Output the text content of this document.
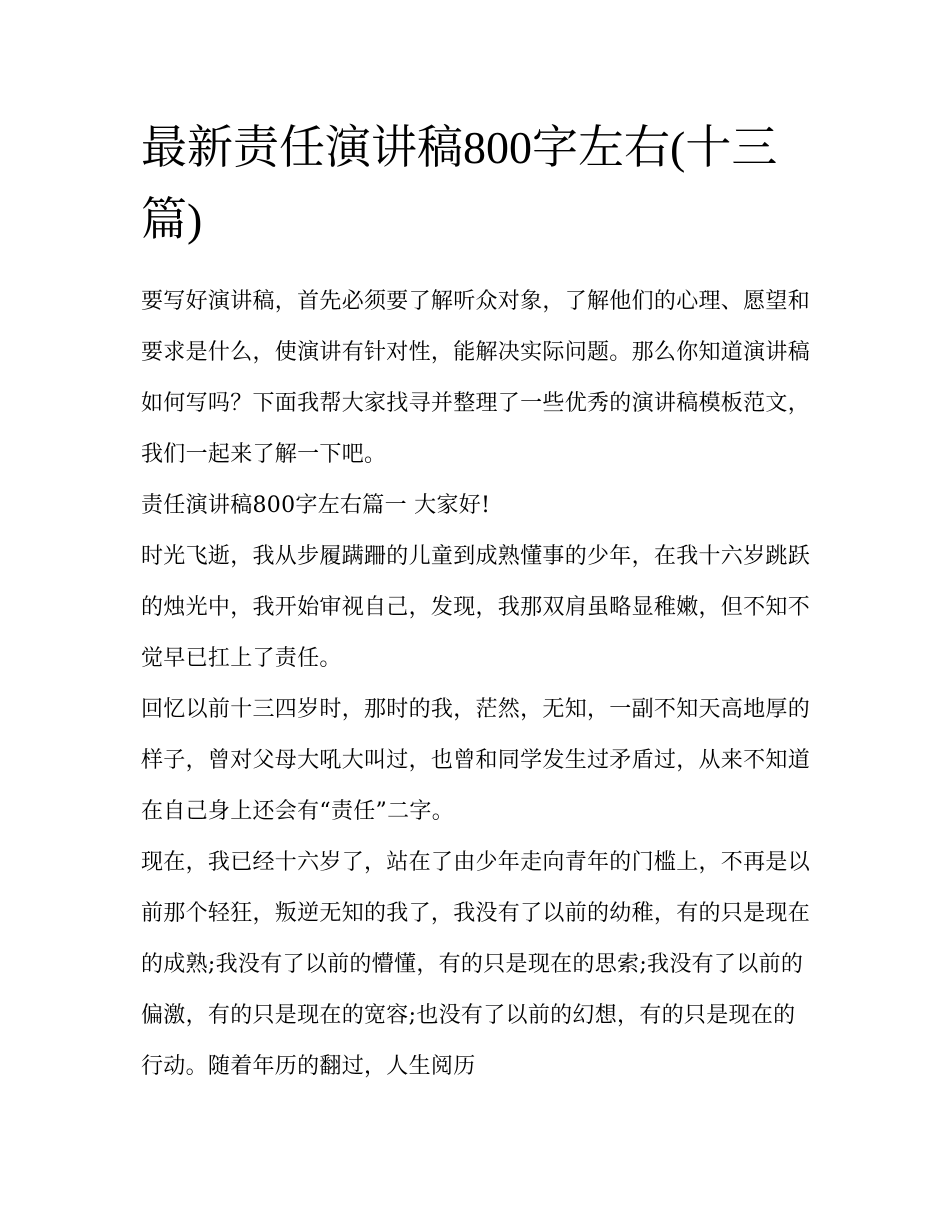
最新责任演讲稿800字左右(十三篇)

要写好演讲稿，首先必须要了解听众对象，了解他们的心理、愿望和要求是什么，使演讲有针对性，能解决实际问题。那么你知道演讲稿如何写吗？下面我帮大家找寻并整理了一些优秀的演讲稿模板范文，我们一起来了解一下吧。

责任演讲稿800字左右篇一 大家好!

时光飞逝，我从步履蹒跚的儿童到成熟懂事的少年，在我十六岁跳跃的烛光中，我开始审视自己，发现，我那双肩虽略显稚嫩，但不知不觉早已扛上了责任。

回忆以前十三四岁时，那时的我，茫然，无知，一副不知天高地厚的样子，曾对父母大吼大叫过，也曾和同学发生过矛盾过，从来不知道在自己身上还会有“责任”二字。

现在，我已经十六岁了，站在了由少年走向青年的门槛上，不再是以前那个轻狂，叛逆无知的我了，我没有了以前的幼稚，有的只是现在的成熟;我没有了以前的懵懂，有的只是现在的思索;我没有了以前的偏激，有的只是现在的宽容;也没有了以前的幻想，有的只是现在的行动。随着年历的翻过，人生阅历
